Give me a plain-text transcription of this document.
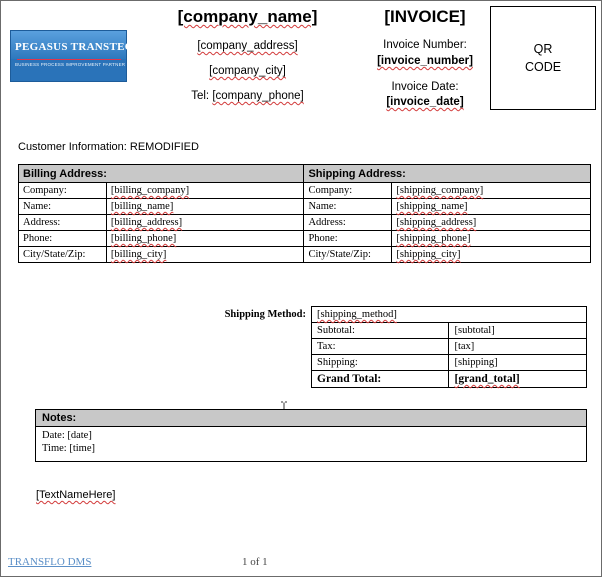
PEGASUS TRANSTECH
BUSINESS PROCESS IMPROVEMENT PARTNER
[company_name]
[company_address]
[company_city]
Tel: [company_phone]
[INVOICE]
Invoice Number:
[invoice_number]
Invoice Date:
[invoice_date]
QR
CODE
Customer Information: REMODIFIED
Billing Address:		Shipping Address:	
Company:	[billing_company]	Company:	[shipping_company]
Name:	[billing_name]	Name:	[shipping_name]
Address:	[billing_address]	Address:	[shipping_address]
Phone:	[billing_phone]	Phone:	[shipping_phone]
City/State/Zip:	[billing_city]	City/State/Zip:	[shipping_city]
Shipping Method: [shipping_method]	
Subtotal:	[subtotal]
Tax:	[tax]
Shipping:	[shipping]
Grand Total:	[grand_total]
Notes:
Date: [date]
Time: [time]
[TextNameHere]
TRANSFLO DMS	1 of 1
